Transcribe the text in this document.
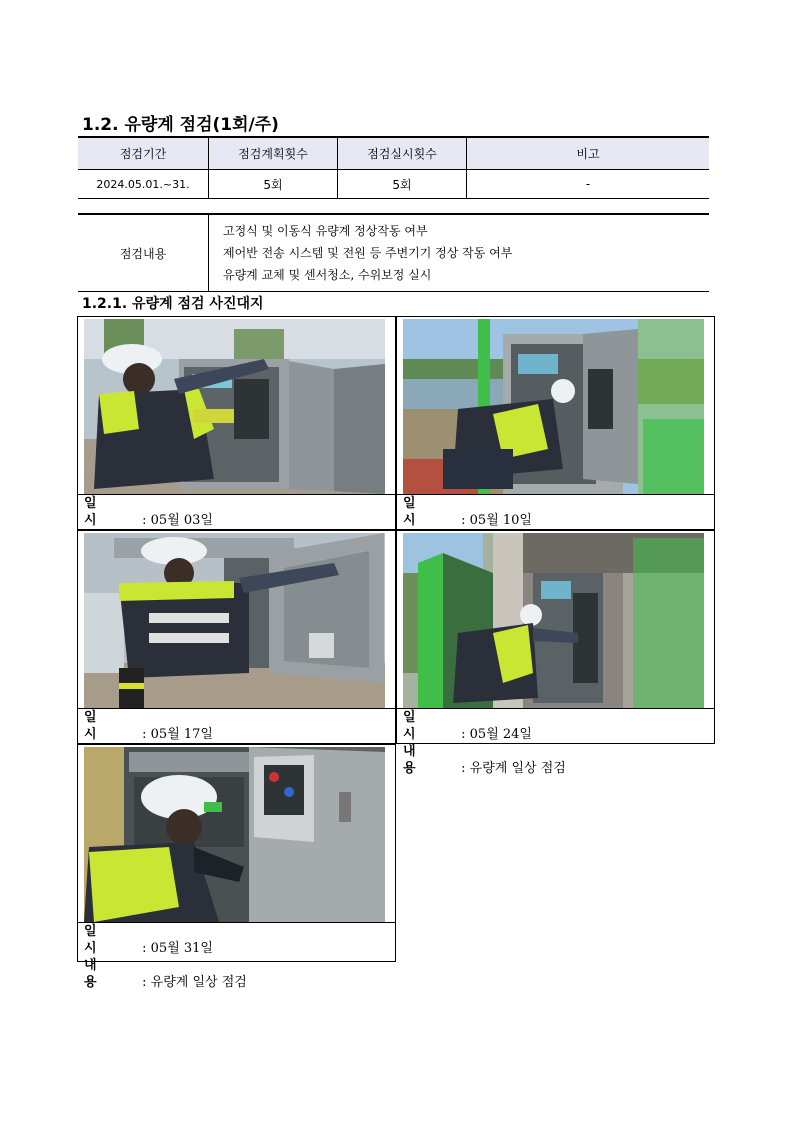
1.2. 유량계 점검(1회/주)
점검기간	점검계획횟수	점검실시횟수	비고
2024.05.01.~31.	5회	5회	-
점검내용	
고정식 및 이동식 유량계 정상작동 여부
제어반 전송 시스템 및 전원 등 주변기기 정상 작동 여부
유량계 교체 및 센서청소, 수위보정 실시
1.2.1. 유량계 점검 사진대지
일시	: 05월 03일
일시	: 05월 10일
일시	: 05월 17일
일시	: 05월 24일
내용	: 유량계 일상 점검
일시	: 05월 31일
내용	: 유량계 일상 점검
